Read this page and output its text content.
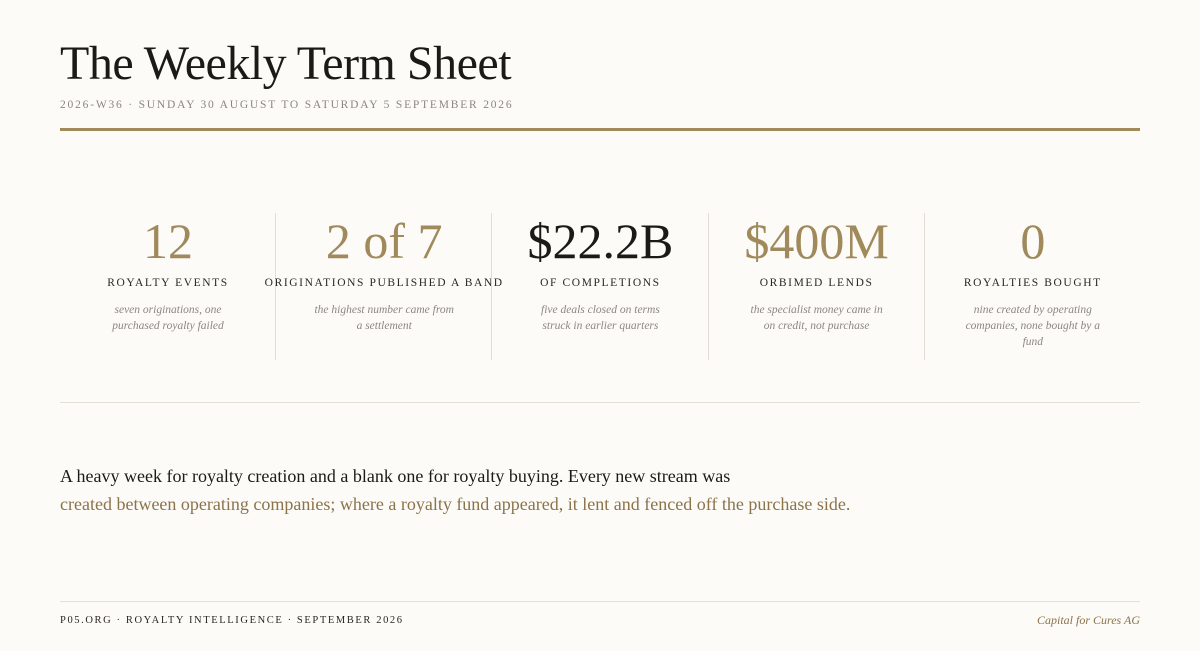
The Weekly Term Sheet
2026-W36 · SUNDAY 30 AUGUST TO SATURDAY 5 SEPTEMBER 2026
12
ROYALTY EVENTS
seven originations, one purchased royalty failed
2 of 7
ORIGINATIONS PUBLISHED A BAND
the highest number came from a settlement
$22.2B
OF COMPLETIONS
five deals closed on terms struck in earlier quarters
$400M
ORBIMED LENDS
the specialist money came in on credit, not purchase
0
ROYALTIES BOUGHT
nine created by operating companies, none bought by a fund

A heavy week for royalty creation and a blank one for royalty buying. Every new stream was
created between operating companies; where a royalty fund appeared, it lent and fenced off the purchase side.

P05.ORG · ROYALTY INTELLIGENCE · SEPTEMBER 2026	Capital for Cures AG
